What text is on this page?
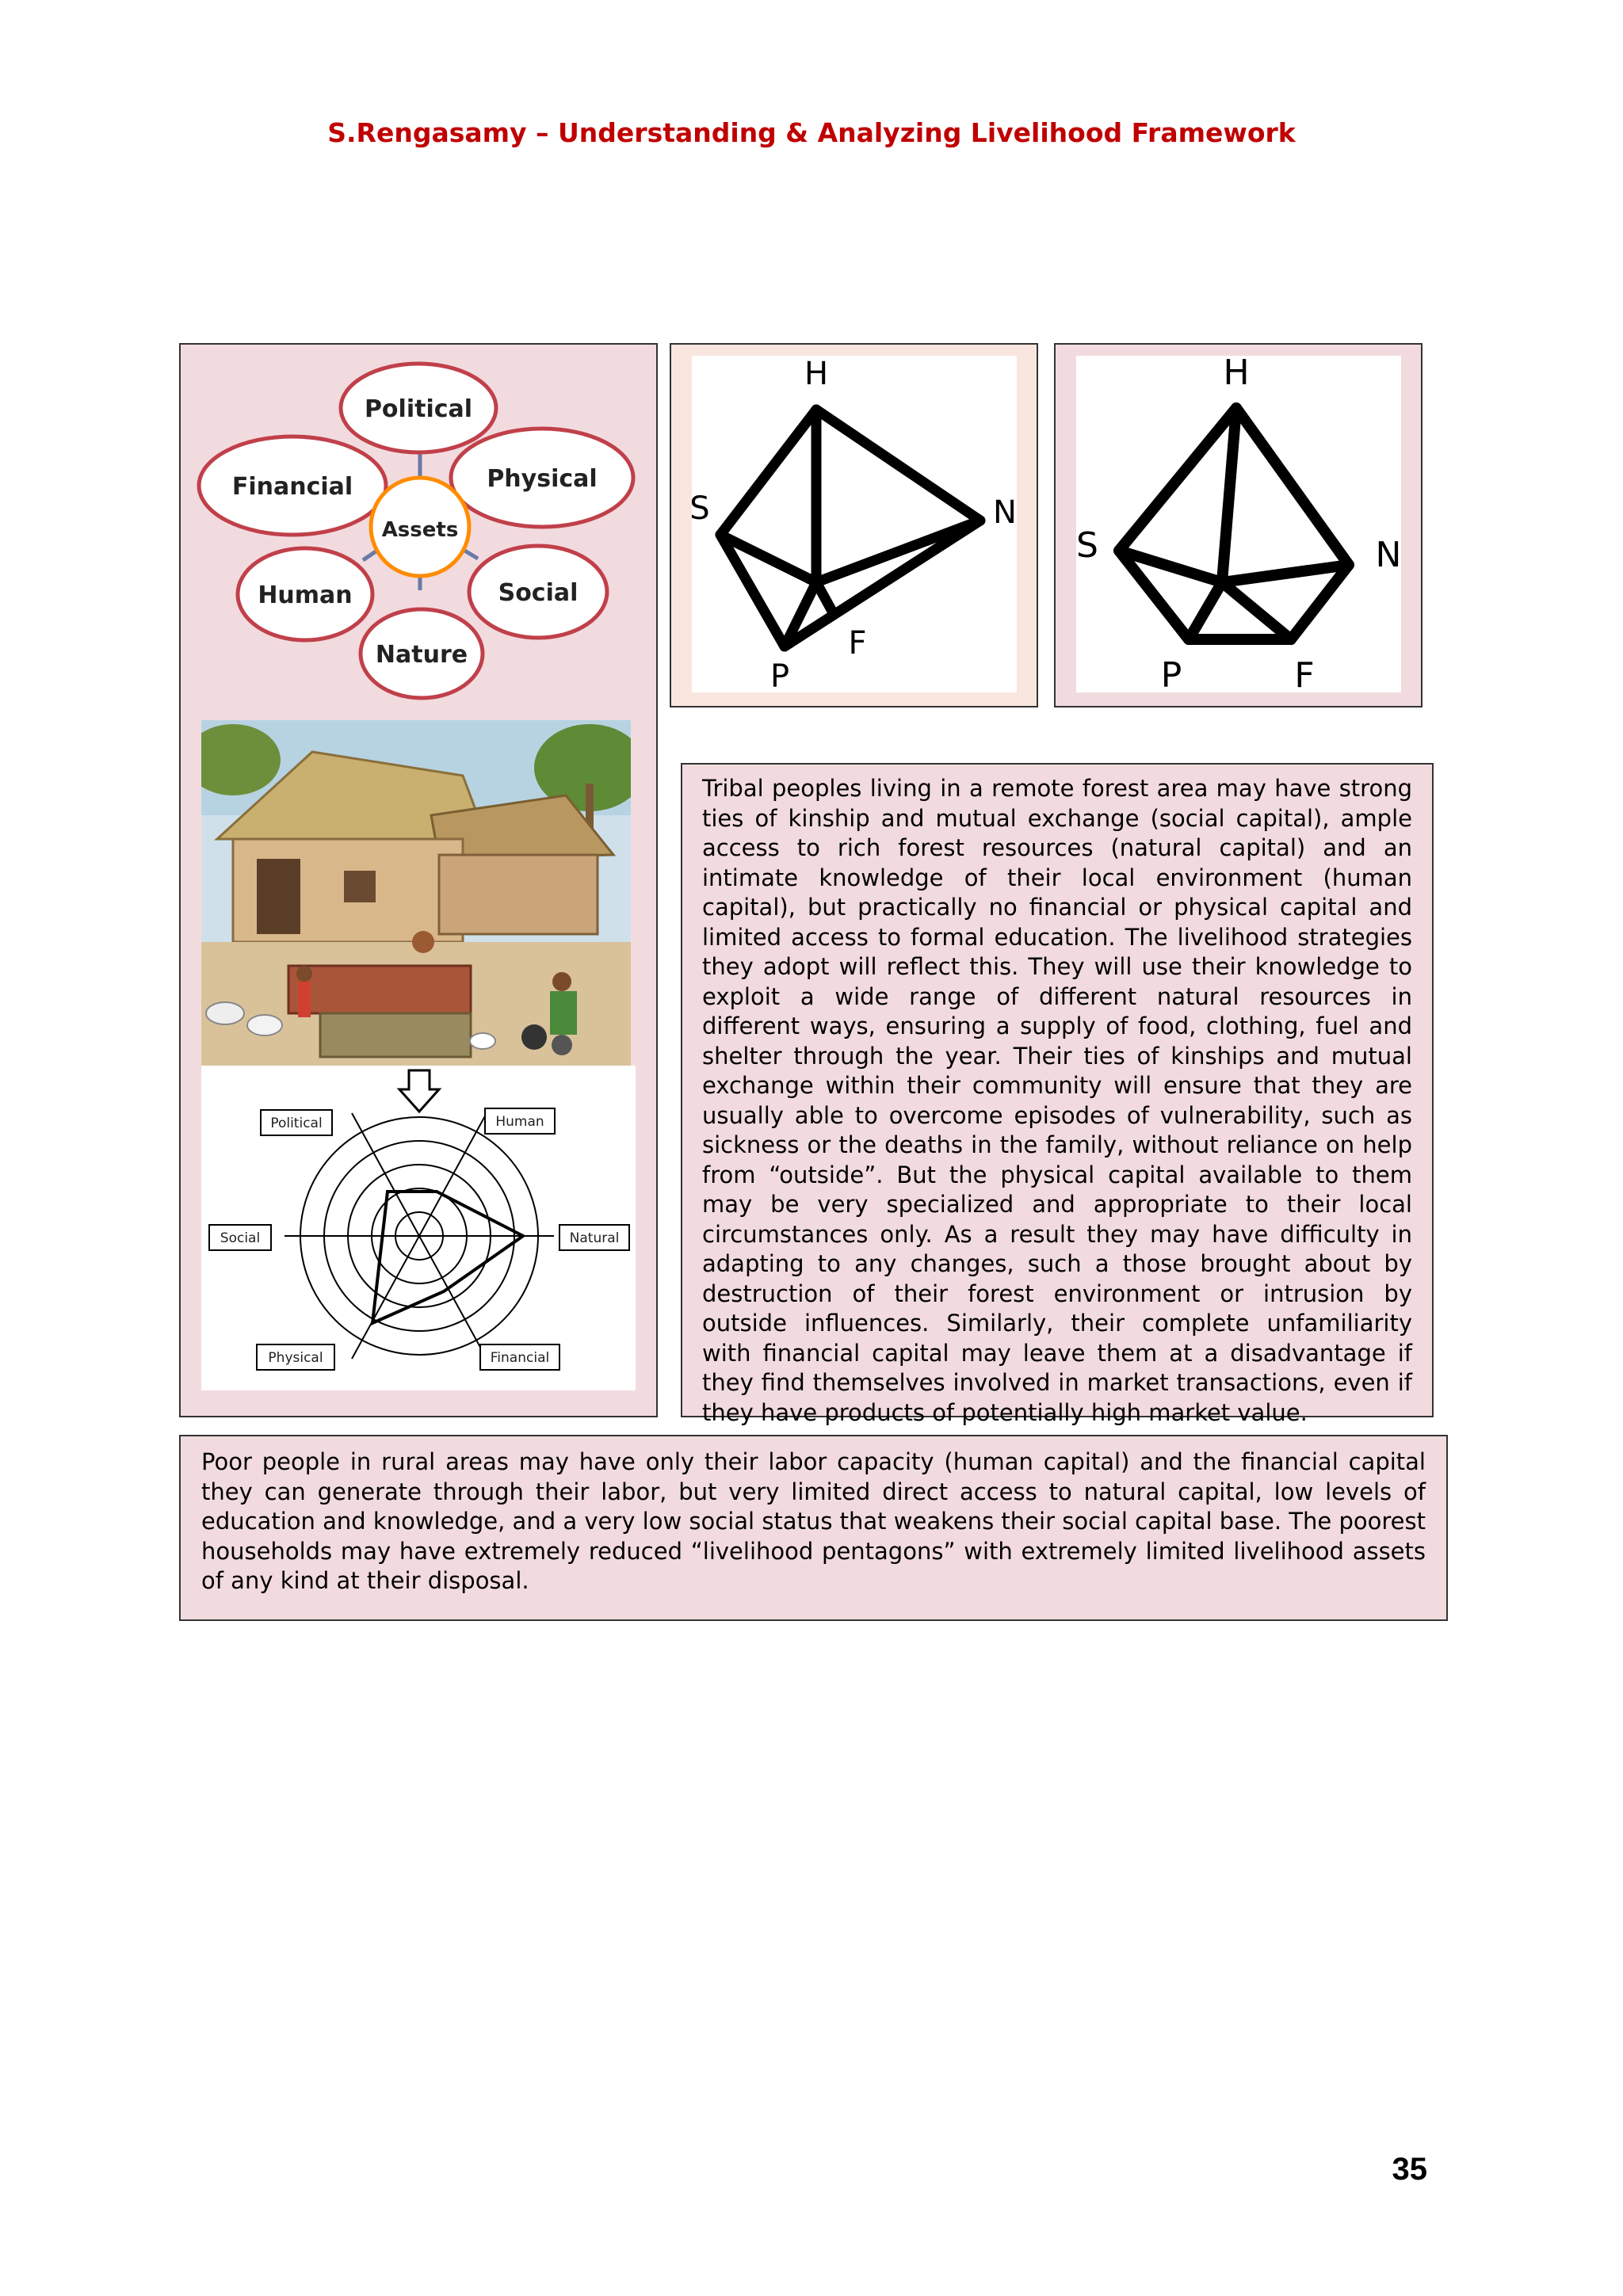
S.Rengasamy – Understanding & Analyzing Livelihood Framework
Assets
Political
Physical
Social
Nature
Human
Financial
Political	Human
Social	Natural
Physical	Financial
H
S	N
P
F
H
S	N
P	F
Tribal peoples living in a remote forest area may have strong ties of kinship and mutual exchange (social capital), ample access to rich forest resources (natural capital) and an intimate knowledge of their local environment (human capital), but practically no financial or physical capital and limited access to formal education. The livelihood strategies they adopt will reflect this. They will use their knowledge to exploit a wide range of different natural resources in different ways, ensuring a supply of food, clothing, fuel and shelter through the year. Their ties of kinships and mutual exchange within their community will ensure that they are usually able to overcome episodes of vulnerability, such as sickness or the deaths in the family, without reliance on help from “outside”. But the physical capital available to them may be very specialized and appropriate to their local circumstances only. As a result they may have difficulty in adapting to any changes, such a those brought about by destruction of their forest environment or intrusion by outside influences. Similarly, their complete unfamiliarity with financial capital may leave them at a disadvantage if they find themselves involved in market transactions, even if they have products of potentially high market value.
Poor people in rural areas may have only their labor capacity (human capital) and the financial capital they can generate through their labor, but very limited direct access to natural capital, low levels of education and knowledge, and a very low social status that weakens their social capital base. The poorest households may have extremely reduced “livelihood pentagons” with extremely limited livelihood assets of any kind at their disposal.
35
